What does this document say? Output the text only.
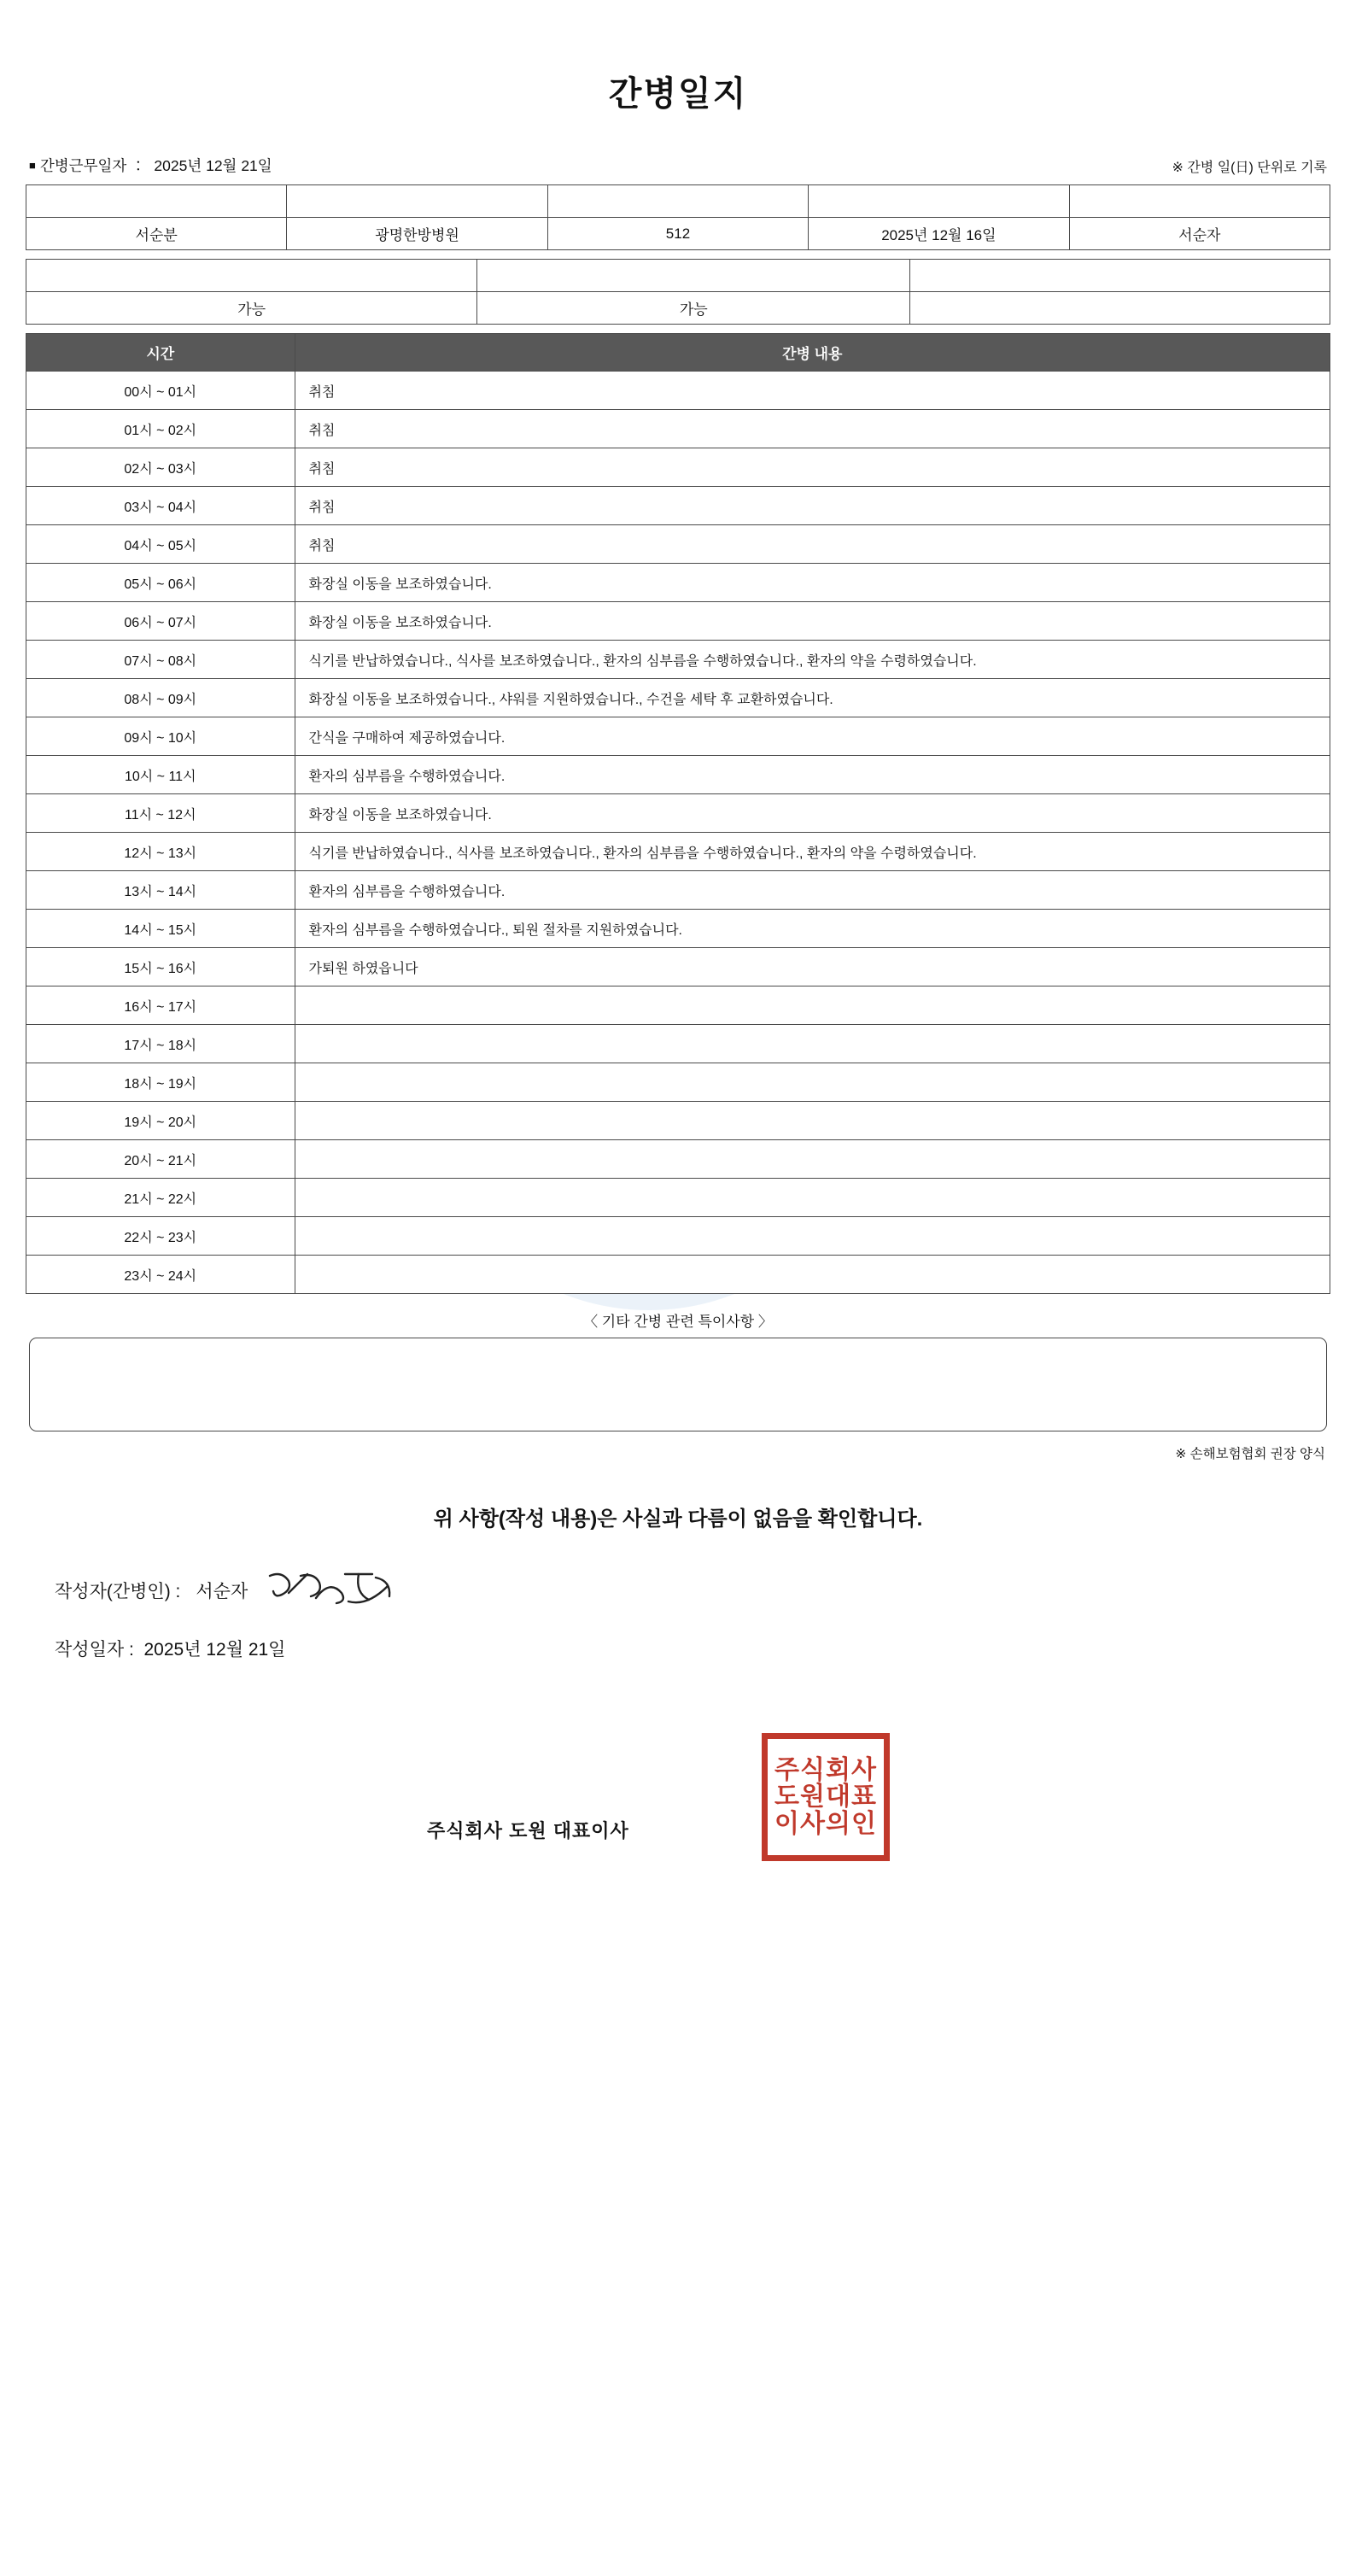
간병일지
■ 간병근무일자 ： 2025년 12월 21일	※ 간병 일(日) 단위로 기록
환자성명	의료기관	병실호수	입원날짜	간병인명
서순분	광명한방병원	512	2025년 12월 16일	서순자
자가 보행	음식 경구 섭취	체내 관 삽입
가능	가능	
시간	간병 내용
00시 ~ 01시	취침
01시 ~ 02시	취침
02시 ~ 03시	취침
03시 ~ 04시	취침
04시 ~ 05시	취침
05시 ~ 06시	화장실 이동을 보조하였습니다.
06시 ~ 07시	화장실 이동을 보조하였습니다.
07시 ~ 08시	식기를 반납하였습니다., 식사를 보조하였습니다., 환자의 심부름을 수행하였습니다., 환자의 약을 수령하였습니다.
08시 ~ 09시	화장실 이동을 보조하였습니다., 샤워를 지원하였습니다., 수건을 세탁 후 교환하였습니다.
09시 ~ 10시	간식을 구매하여 제공하였습니다.
10시 ~ 11시	환자의 심부름을 수행하였습니다.
11시 ~ 12시	화장실 이동을 보조하였습니다.
12시 ~ 13시	식기를 반납하였습니다., 식사를 보조하였습니다., 환자의 심부름을 수행하였습니다., 환자의 약을 수령하였습니다.
13시 ~ 14시	환자의 심부름을 수행하였습니다.
14시 ~ 15시	환자의 심부름을 수행하였습니다., 퇴원 절차를 지원하였습니다.
15시 ~ 16시	가퇴원 하였읍니다
16시 ~ 17시	
17시 ~ 18시	
18시 ~ 19시	
19시 ~ 20시	
20시 ~ 21시	
21시 ~ 22시	
22시 ~ 23시	
23시 ~ 24시	
〈 기타 간병 관련 특이사항 〉
※ 손해보험협회 권장 양식
위 사항(작성 내용)은 사실과 다름이 없음을 확인합니다.
작성자(간병인) : 서순자
작성일자 : 2025년 12월 21일
주식회사 도원 대표이사
주식회사
도원대표
이사의인
